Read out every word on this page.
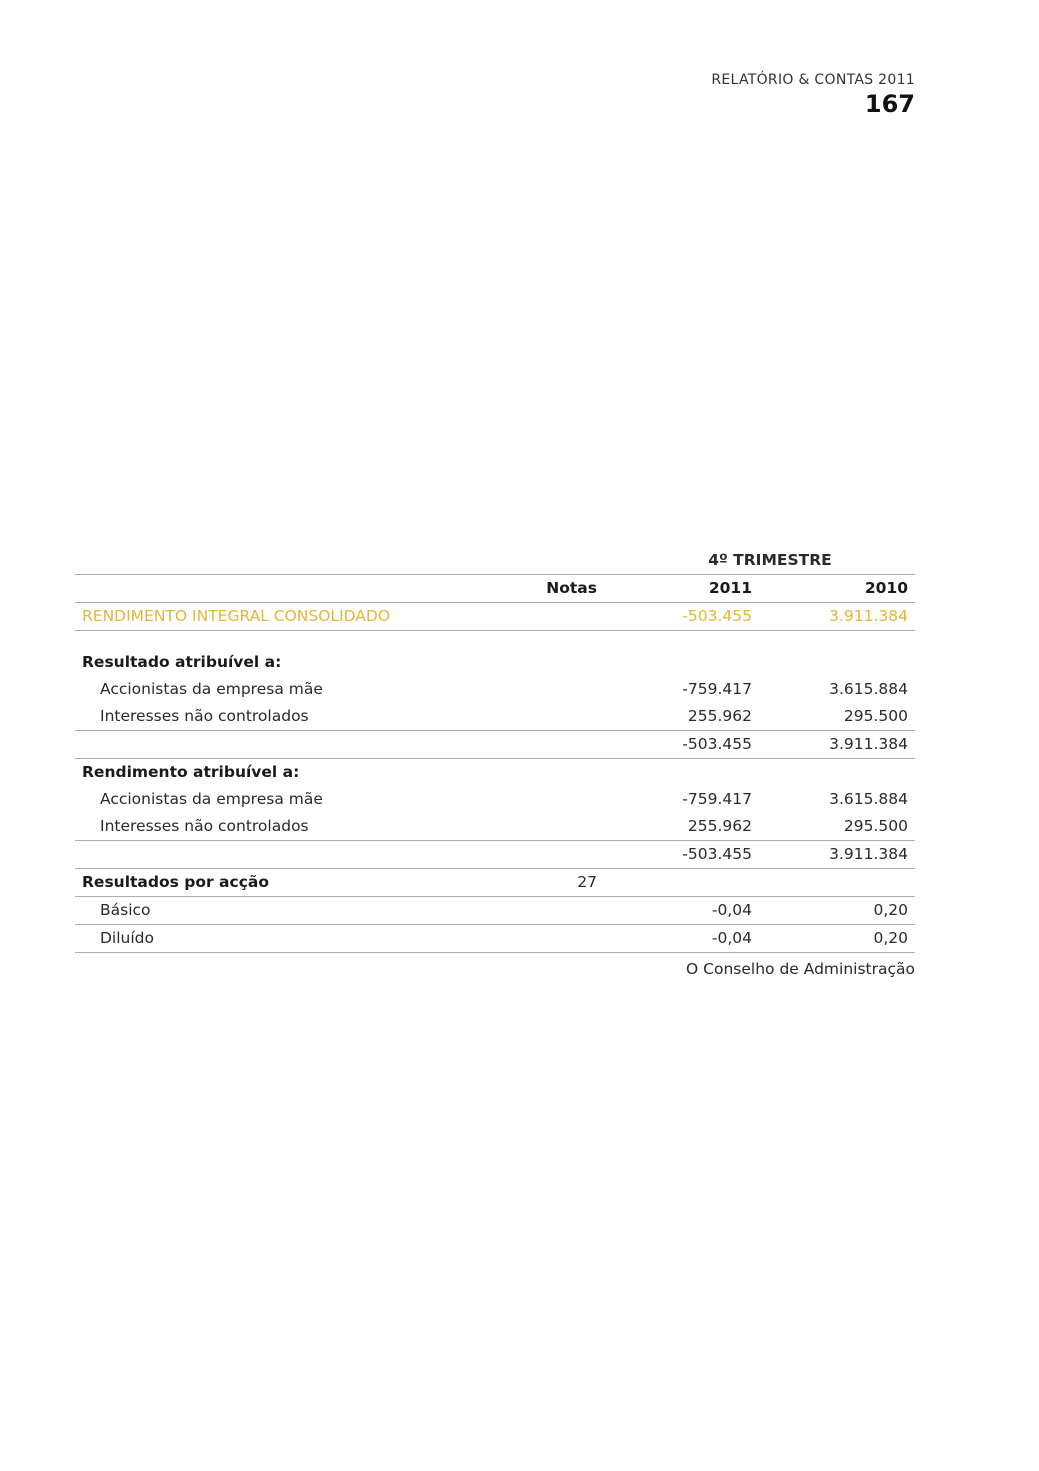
RELATÓRIO & CONTAS 2011
167
4º TRIMESTRE
Notas	2011	2010
RENDIMENTO INTEGRAL CONSOLIDADO	-503.455	3.911.384
Resultado atribuível a:
Accionistas da empresa mãe	-759.417	3.615.884
Interesses não controlados	255.962	295.500
-503.455	3.911.384
Rendimento atribuível a:
Accionistas da empresa mãe	-759.417	3.615.884
Interesses não controlados	255.962	295.500
-503.455	3.911.384
Resultados por acção	27
Básico	-0,04	0,20
Diluído	-0,04	0,20
O Conselho de Administração
